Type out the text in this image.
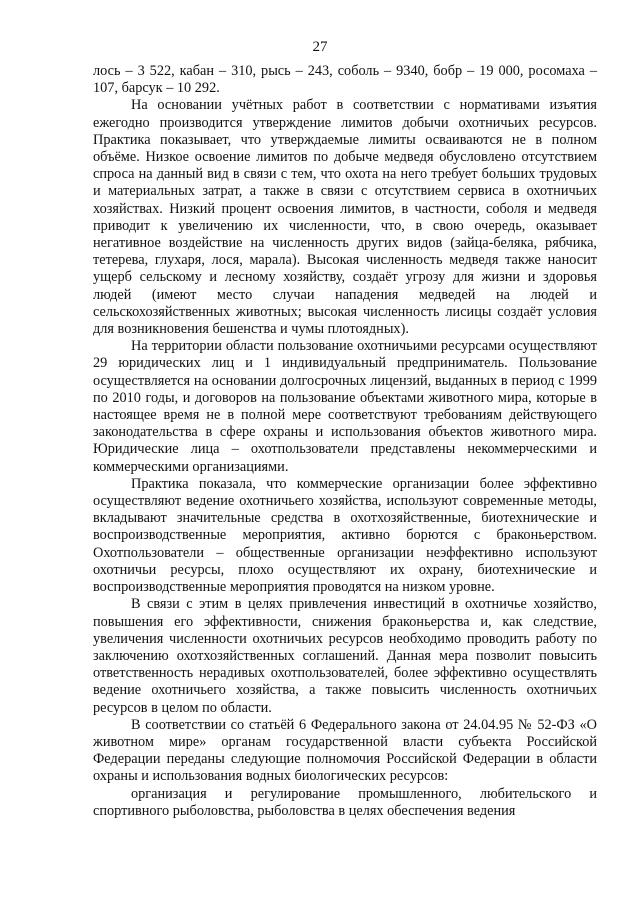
27

лось – 3 522, кабан – 310, рысь – 243, соболь – 9340, бобр – 19 000, росомаха – 107, барсук – 10 292.

На основании учётных работ в соответствии с нормативами изъятия ежегодно производится утверждение лимитов добычи охотничьих ресурсов. Практика показывает, что утверждаемые лимиты осваиваются не в полном объёме. Низкое освоение лимитов по добыче медведя обусловлено отсутствием спроса на данный вид в связи с тем, что охота на него требует больших трудовых и материальных затрат, а также в связи с отсутствием сервиса в охотничьих хозяйствах. Низкий процент освоения лимитов, в частности, соболя и медведя приводит к увеличению их численности, что, в свою очередь, оказывает негативное воздействие на численность других видов (зайца-беляка, рябчика, тетерева, глухаря, лося, марала). Высокая численность медведя также наносит ущерб сельскому и лесному хозяйству, создаёт угрозу для жизни и здоровья людей (имеют место случаи нападения медведей на людей и сельскохозяйственных животных; высокая численность лисицы создаёт условия для возникновения бешенства и чумы плотоядных).

На территории области пользование охотничьими ресурсами осуществляют 29 юридических лиц и 1 индивидуальный предприниматель. Пользование осуществляется на основании долгосрочных лицензий, выданных в период с 1999 по 2010 годы, и договоров на пользование объектами животного мира, которые в настоящее время не в полной мере соответствуют требованиям действующего законодательства в сфере охраны и использования объектов животного мира. Юридические лица – охотпользователи представлены некоммерческими и коммерческими организациями.

Практика показала, что коммерческие организации более эффективно осуществляют ведение охотничьего хозяйства, используют современные методы, вкладывают значительные средства в охотхозяйственные, биотехнические и воспроизводственные мероприятия, активно борются с браконьерством. Охотпользователи – общественные организации неэффективно используют охотничьи ресурсы, плохо осуществляют их охрану, биотехнические и воспроизводственные мероприятия проводятся на низком уровне.

В связи с этим в целях привлечения инвестиций в охотничье хозяйство, повышения его эффективности, снижения браконьерства и, как следствие, увеличения численности охотничьих ресурсов необходимо проводить работу по заключению охотхозяйственных соглашений. Данная мера позволит повысить ответственность нерадивых охотпользователей, более эффективно осуществлять ведение охотничьего хозяйства, а также повысить численность охотничьих ресурсов в целом по области.

В соответствии со статьёй 6 Федерального закона от 24.04.95 № 52-ФЗ «О животном мире» органам государственной власти субъекта Российской Федерации переданы следующие полномочия Российской Федерации в области охраны и использования водных биологических ресурсов:

организация и регулирование промышленного, любительского и спортивного рыболовства, рыболовства в целях обеспечения ведения
